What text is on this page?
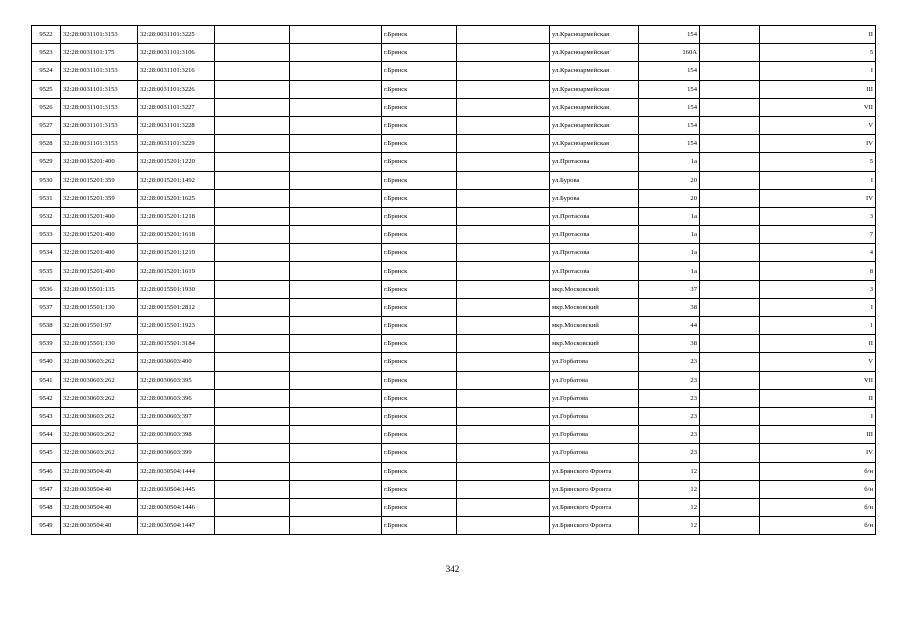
9522	32:28:0031101:3153	32:28:0031101:3225			г.Брянск		ул.Красноармейская	154		II
9523	32:28:0031101:175	32:28:0031101:3106			г.Брянск		ул.Красноармейская	160А		5
9524	32:28:0031101:3153	32:28:0031101:3216			г.Брянск		ул.Красноармейская	154		I
9525	32:28:0031101:3153	32:28:0031101:3226			г.Брянск		ул.Красноармейская	154		III
9526	32:28:0031101:3153	32:28:0031101:3227			г.Брянск		ул.Красноармейская	154		VII
9527	32:28:0031101:3153	32:28:0031101:3228			г.Брянск		ул.Красноармейская	154		V
9528	32:28:0031101:3153	32:28:0031101:3229			г.Брянск		ул.Красноармейская	154		IV
9529	32:28:0015201:400	32:28:0015201:1220			г.Брянск		ул.Протасова	1а		5
9530	32:28:0015201:359	32:28:0015201:1492			г.Брянск		ул.Бурова	20		I
9531	32:28:0015201:359	32:28:0015201:1625			г.Брянск		ул.Бурова	20		IV
9532	32:28:0015201:400	32:28:0015201:1218			г.Брянск		ул.Протасова	1а		3
9533	32:28:0015201:400	32:28:0015201:1618			г.Брянск		ул.Протасова	1а		7
9534	32:28:0015201:400	32:28:0015201:1219			г.Брянск		ул.Протасова	1а		4
9535	32:28:0015201:400	32:28:0015201:1619			г.Брянск		ул.Протасова	1а		8
9536	32:28:0015501:135	32:28:0015501:1930			г.Брянск		мкр.Московский	37		3
9537	32:28:0015501:130	32:28:0015501:2812			г.Брянск		мкр.Московский	38		I
9538	32:28:0015501:97	32:28:0015501:1923			г.Брянск		мкр.Московский	44		1
9539	32:28:0015501:130	32:28:0015501:3184			г.Брянск		мкр.Московский	38		II
9540	32:28:0030603:262	32:28:0030603:400			г.Брянск		ул.Горбатова	23		V
9541	32:28:0030603:262	32:28:0030603:395			г.Брянск		ул.Горбатова	23		VII
9542	32:28:0030603:262	32:28:0030603:396			г.Брянск		ул.Горбатова	23		II
9543	32:28:0030603:262	32:28:0030603:397			г.Брянск		ул.Горбатова	23		I
9544	32:28:0030603:262	32:28:0030603:398			г.Брянск		ул.Горбатова	23		III
9545	32:28:0030603:262	32:28:0030603:399			г.Брянск		ул.Горбатова	23		IV
9546	32:28:0030504:40	32:28:0030504:1444			г.Брянск		ул.Брянского Фронта	12		б/н
9547	32:28:0030504:40	32:28:0030504:1445			г.Брянск		ул.Брянского Фронта	12		б/н
9548	32:28:0030504:40	32:28:0030504:1446			г.Брянск		ул.Брянского Фронта	12		б/н
9549	32:28:0030504:40	32:28:0030504:1447			г.Брянск		ул.Брянского Фронта	12		б/н
342
